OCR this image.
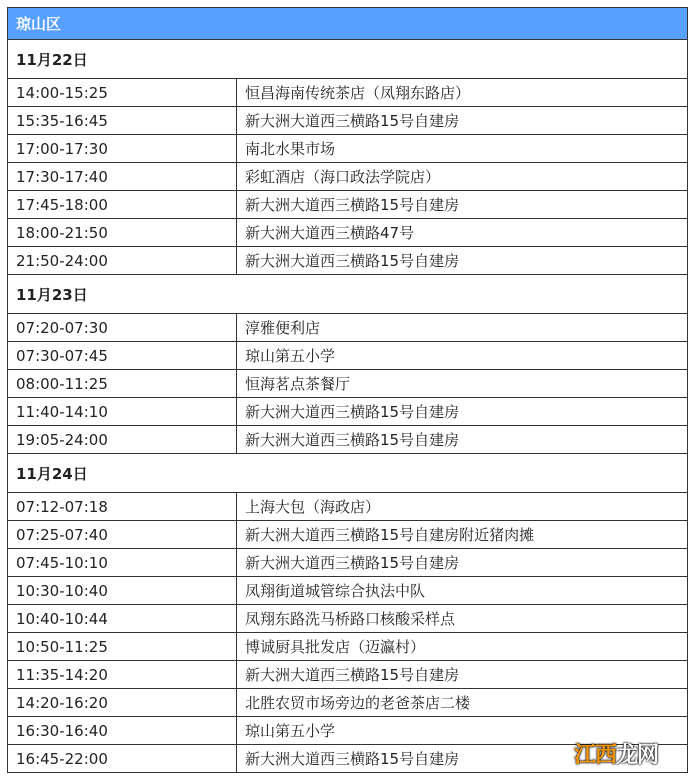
琼山区	
11月22日	
14:00-15:25	恒昌海南传统茶店（凤翔东路店）
15:35-16:45	新大洲大道西三横路15号自建房
17:00-17:30	南北水果市场
17:30-17:40	彩虹酒店（海口政法学院店）
17:45-18:00	新大洲大道西三横路15号自建房
18:00-21:50	新大洲大道西三横路47号
21:50-24:00	新大洲大道西三横路15号自建房
11月23日	
07:20-07:30	淳雅便利店
07:30-07:45	琼山第五小学
08:00-11:25	恒海茗点茶餐厅
11:40-14:10	新大洲大道西三横路15号自建房
19:05-24:00	新大洲大道西三横路15号自建房
11月24日	
07:12-07:18	上海大包（海政店）
07:25-07:40	新大洲大道西三横路15号自建房附近猪肉摊
07:45-10:10	新大洲大道西三横路15号自建房
10:30-10:40	凤翔街道城管综合执法中队
10:40-10:44	凤翔东路洗马桥路口核酸采样点
10:50-11:25	博诚厨具批发店（迈瀛村）
11:35-14:20	新大洲大道西三横路15号自建房
14:20-16:20	北胜农贸市场旁边的老爸茶店二楼
16:30-16:40	琼山第五小学
16:45-22:00	新大洲大道西三横路15号自建房	江西龙网
